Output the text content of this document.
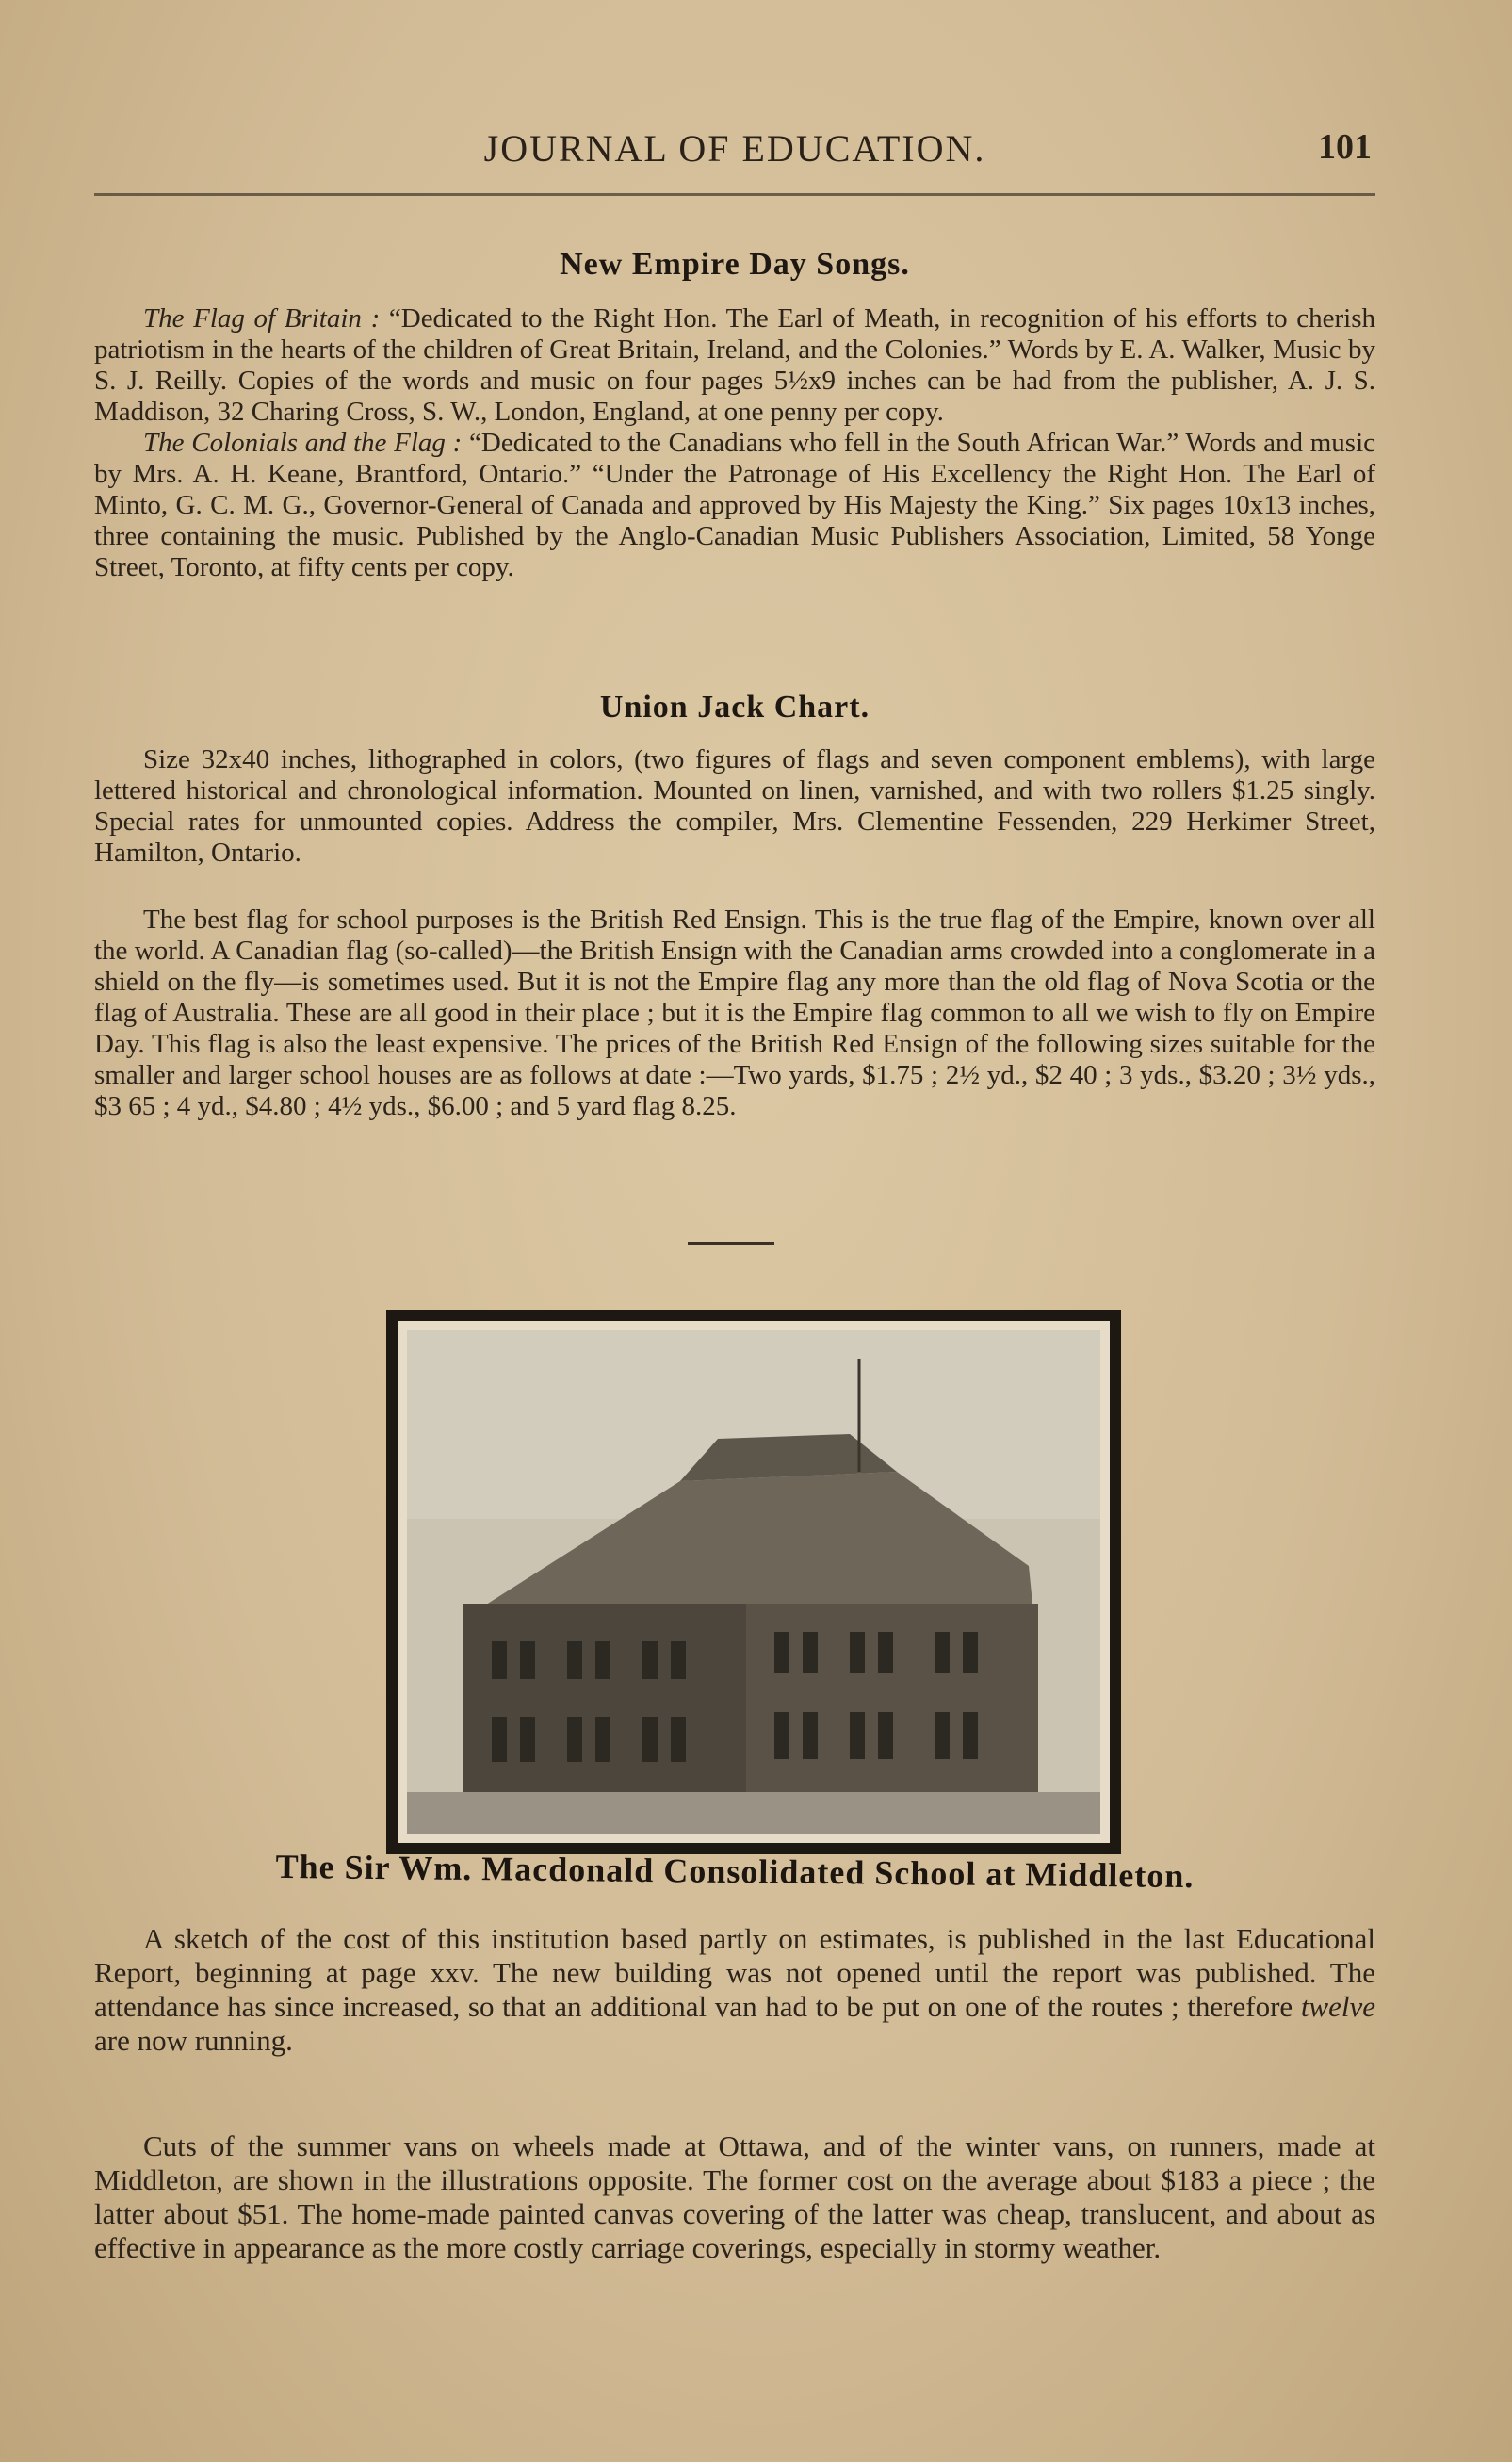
JOURNAL OF EDUCATION.	101
New Empire Day Songs.

The Flag of Britain : “Dedicated to the Right Hon. The Earl of Meath, in recognition of his efforts to cherish patriotism in the hearts of the children of Great Britain, Ireland, and the Colonies.” Words by E. A. Walker, Music by S. J. Reilly. Copies of the words and music on four pages 5½x9 inches can be had from the publisher, A. J. S. Maddison, 32 Charing Cross, S. W., London, England, at one penny per copy.

The Colonials and the Flag : “Dedicated to the Canadians who fell in the South African War.” Words and music by Mrs. A. H. Keane, Brantford, Ontario.” “Under the Patronage of His Excellency the Right Hon. The Earl of Minto, G. C. M. G., Governor-General of Canada and approved by His Majesty the King.” Six pages 10x13 inches, three containing the music. Published by the Anglo-Canadian Music Publishers Association, Limited, 58 Yonge Street, Toronto, at fifty cents per copy.

Union Jack Chart.

Size 32x40 inches, lithographed in colors, (two figures of flags and seven component emblems), with large lettered historical and chronological information. Mounted on linen, varnished, and with two rollers $1.25 singly. Special rates for unmounted copies. Address the compiler, Mrs. Clementine Fessenden, 229 Herkimer Street, Hamilton, Ontario.

The best flag for school purposes is the British Red Ensign. This is the true flag of the Empire, known over all the world. A Canadian flag (so-called)—the British Ensign with the Canadian arms crowded into a conglomerate in a shield on the fly—is sometimes used. But it is not the Empire flag any more than the old flag of Nova Scotia or the flag of Australia. These are all good in their place ; but it is the Empire flag common to all we wish to fly on Empire Day. This flag is also the least expensive. The prices of the British Red Ensign of the following sizes suitable for the smaller and larger school houses are as follows at date :—Two yards, $1.75 ; 2½ yd., $2 40 ; 3 yds., $3.20 ; 3½ yds., $3 65 ; 4 yd., $4.80 ; 4½ yds., $6.00 ; and 5 yard flag 8.25.

The Sir Wm. Macdonald Consolidated School at Middleton.

A sketch of the cost of this institution based partly on estimates, is published in the last Educational Report, beginning at page xxv. The new building was not opened until the report was published. The attendance has since increased, so that an additional van had to be put on one of the routes ; therefore twelve are now running.

Cuts of the summer vans on wheels made at Ottawa, and of the winter vans, on runners, made at Middleton, are shown in the illustrations opposite. The former cost on the average about $183 a piece ; the latter about $51. The home-made painted canvas covering of the latter was cheap, translucent, and about as effective in appearance as the more costly carriage coverings, especially in stormy weather.
